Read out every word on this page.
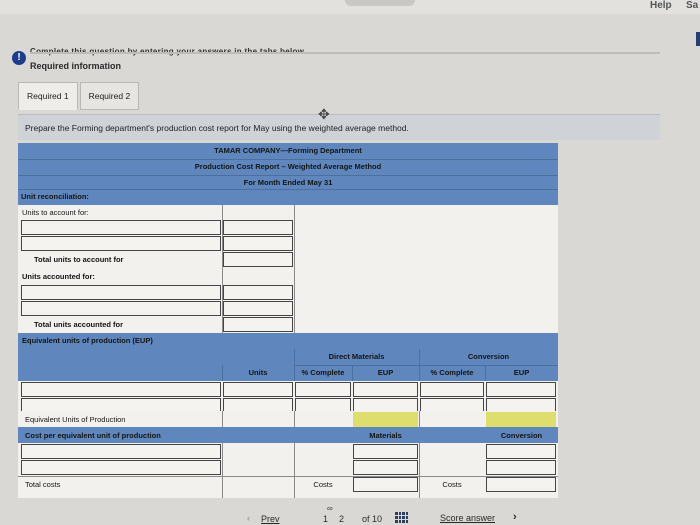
Help Sa
!
Required information
Required 1	Required 2
Prepare the Forming department's production cost report for May using the weighted average method.
TAMAR COMPANY—Forming Department
Production Cost Report – Weighted Average Method
For Month Ended May 31
Unit reconciliation:
Units to account for:
Total units to account for
Units accounted for:
Total units accounted for
Equivalent units of production (EUP)
Direct Materials	Conversion
Units	% Complete	EUP	% Complete	EUP
Equivalent Units of Production
Cost per equivalent unit of production	Materials	Conversion
Total costs	Costs	Costs
✥
‹ Prev
∞
1 2 of 10	Score answer ›
